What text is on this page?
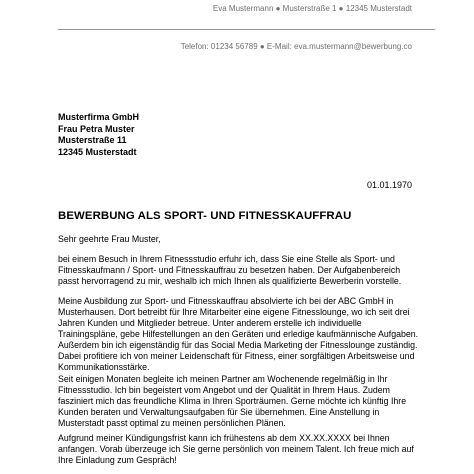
Eva Mustermann ● Musterstraße 1 ● 12345 Musterstadt
Telefon: 01234 56789 ● E-Mail: eva.mustermann@bewerbung.co
Musterfirma GmbH
Frau Petra Muster
Musterstraße 11
12345 Musterstadt
01.01.1970
BEWERBUNG ALS SPORT- UND FITNESSKAUFFRAU
Sehr geehrte Frau Muster,
bei einem Besuch in Ihrem Fitnessstudio erfuhr ich, dass Sie eine Stelle als Sport- und
Fitnesskaufmann / Sport- und Fitnesskauffrau zu besetzen haben. Der Aufgabenbereich
passt hervorragend zu mir, weshalb ich mich Ihnen als qualifizierte Bewerberin vorstelle.
Meine Ausbildung zur Sport- und Fitnesskauffrau absolvierte ich bei der ABC GmbH in
Musterhausen. Dort betreibt für Ihre Mitarbeiter eine eigene Fitnesslounge, wo ich seit drei
Jahren Kunden und Mitglieder betreue. Unter anderem erstelle ich individuelle
Trainingspläne, gebe Hilfestellungen an den Geräten und erledige kaufmännische Aufgaben.
Außerdem bin ich eigenständig für das Social Media Marketing der Fitnesslounge zuständig.
Dabei profitiere ich von meiner Leidenschaft für Fitness, einer sorgfältigen Arbeitsweise und
Kommunikationsstärke.
Seit einigen Monaten begleite ich meinen Partner am Wochenende regelmäßig in Ihr
Fitnessstudio. Ich bin begeistert vom Angebot und der Qualität in Ihrem Haus. Zudem
fasziniert mich das freundliche Klima in Ihren Sporträumen. Gerne möchte ich künftig Ihre
Kunden beraten und Verwaltungsaufgaben für Sie übernehmen. Eine Anstellung in
Musterstadt passt optimal zu meinen persönlichen Plänen.
Aufgrund meiner Kündigungsfrist kann ich frühestens ab dem XX.XX.XXXX bei Ihnen
anfangen. Vorab überzeuge ich Sie gerne persönlich von meinem Talent. Ich freue mich auf
Ihre Einladung zum Gespräch!
